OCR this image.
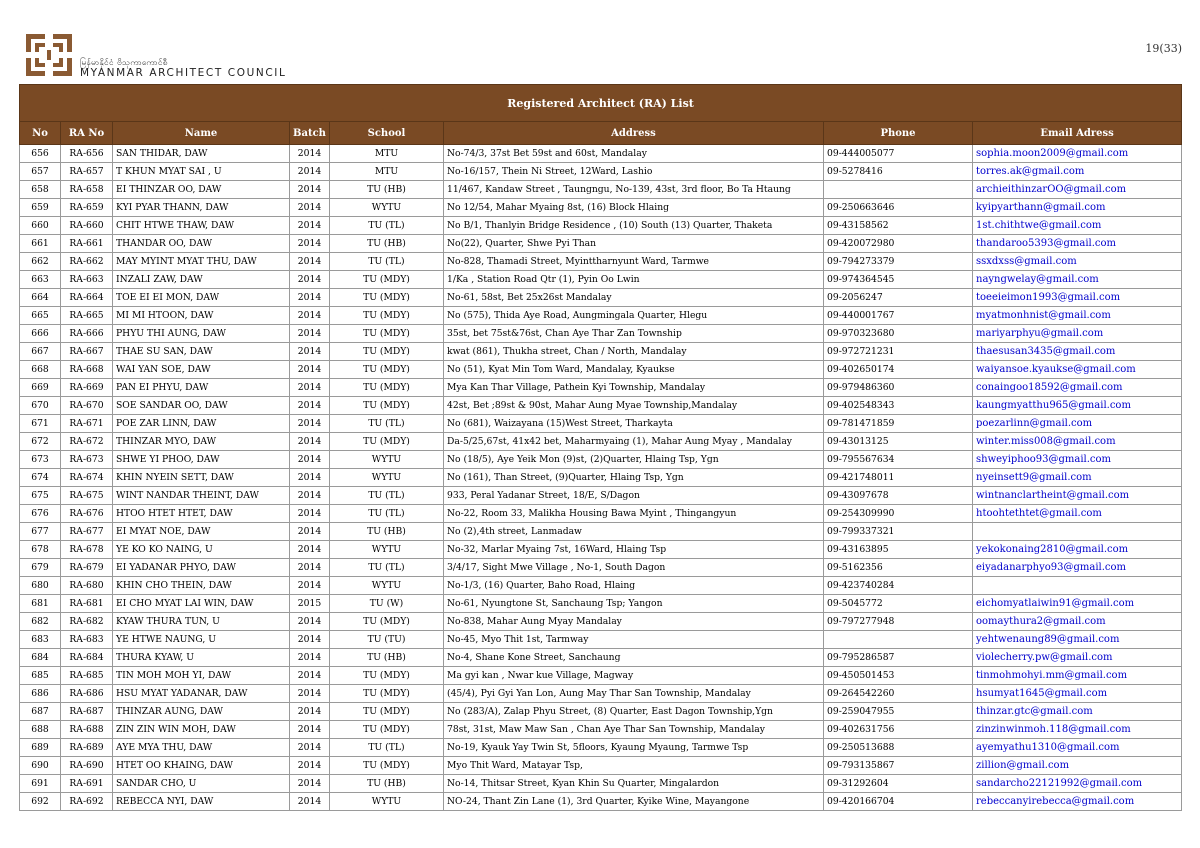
မြန်မာနိုင်ငံ ဗိသုကာကောင်စီ
MYANMAR ARCHITECT COUNCIL
19(33)
Registered Architect (RA) List							
No	RA No	Name	Batch	School	Address	Phone	Email Adress
656	RA-656	SAN THIDAR, DAW	2014	MTU	No-74/3, 37st Bet 59st and 60st, Mandalay	09-444005077	sophia.moon2009@gmail.com
657	RA-657	T KHUN MYAT SAI , U	2014	MTU	No-16/157, Thein Ni Street, 12Ward, Lashio	09-5278416	torres.ak@gmail.com
658	RA-658	EI THINZAR OO, DAW	2014	TU (HB)	11/467, Kandaw Street , Taungngu, No-139, 43st, 3rd floor, Bo Ta Htaung		archieithinzarOO@gmail.com
659	RA-659	KYI PYAR THANN, DAW	2014	WYTU	No 12/54, Mahar Myaing 8st, (16) Block Hlaing	09-250663646	kyipyarthann@gmail.com
660	RA-660	CHIT HTWE THAW, DAW	2014	TU (TL)	No B/1, Thanlyin Bridge Residence , (10) South (13) Quarter, Thaketa	09-43158562	1st.chithtwe@gmail.com
661	RA-661	THANDAR OO, DAW	2014	TU (HB)	No(22), Quarter, Shwe Pyi Than	09-420072980	thandaroo5393@gmail.com
662	RA-662	MAY MYINT MYAT THU, DAW	2014	TU (TL)	No-828, Thamadi Street, Myinttharnyunt Ward, Tarmwe	09-794273379	ssxdxss@gmail.com
663	RA-663	INZALI ZAW, DAW	2014	TU (MDY)	1/Ka , Station Road Qtr (1), Pyin Oo Lwin	09-974364545	nayngwelay@gmail.com
664	RA-664	TOE EI EI MON, DAW	2014	TU (MDY)	No-61, 58st, Bet 25x26st Mandalay	09-2056247	toeeieimon1993@gmail.com
665	RA-665	MI MI HTOON, DAW	2014	TU (MDY)	No (575), Thida Aye Road, Aungmingala Quarter, Hlegu	09-440001767	myatmonhnist@gmail.com
666	RA-666	PHYU THI AUNG, DAW	2014	TU (MDY)	35st, bet 75st&76st, Chan Aye Thar Zan Township	09-970323680	mariyarphyu@gmail.com
667	RA-667	THAE SU SAN, DAW	2014	TU (MDY)	kwat (861), Thukha street, Chan / North, Mandalay	09-972721231	thaesusan3435@gmail.com
668	RA-668	WAI YAN SOE, DAW	2014	TU (MDY)	No (51), Kyat Min Tom Ward, Mandalay, Kyaukse	09-402650174	waiyansoe.kyaukse@gmail.com
669	RA-669	PAN EI PHYU, DAW	2014	TU (MDY)	Mya Kan Thar Village, Pathein Kyi Township, Mandalay	09-979486360	conaingoo18592@gmail.com
670	RA-670	SOE SANDAR OO, DAW	2014	TU (MDY)	42st, Bet ;89st & 90st, Mahar Aung Myae Township,Mandalay	09-402548343	kaungmyatthu965@gmail.com
671	RA-671	POE ZAR LINN, DAW	2014	TU (TL)	No (681), Waizayana (15)West Street, Tharkayta	09-781471859	poezarlinn@gmail.com
672	RA-672	THINZAR MYO, DAW	2014	TU (MDY)	Da-5/25,67st, 41x42 bet, Maharmyaing (1), Mahar Aung Myay , Mandalay	09-43013125	winter.miss008@gmail.com
673	RA-673	SHWE YI PHOO, DAW	2014	WYTU	No (18/5), Aye Yeik Mon (9)st, (2)Quarter, Hlaing Tsp, Ygn	09-795567634	shweyiphoo93@gmail.com
674	RA-674	KHIN NYEIN SETT, DAW	2014	WYTU	No (161), Than Street, (9)Quarter, Hlaing Tsp, Ygn	09-421748011	nyeinsett9@gmail.com
675	RA-675	WINT NANDAR THEINT, DAW	2014	TU (TL)	933, Peral Yadanar Street, 18/E, S/Dagon	09-43097678	wintnanclartheint@gmail.com
676	RA-676	HTOO HTET HTET, DAW	2014	TU (TL)	No-22, Room 33, Malikha Housing Bawa Myint , Thingangyun	09-254309990	htoohtethtet@gmail.com
677	RA-677	EI MYAT NOE, DAW	2014	TU (HB)	No (2),4th street, Lanmadaw	09-799337321	
678	RA-678	YE KO KO NAING, U	2014	WYTU	No-32, Marlar Myaing 7st, 16Ward, Hlaing Tsp	09-43163895	yekokonaing2810@gmail.com
679	RA-679	EI YADANAR PHYO, DAW	2014	TU (TL)	3/4/17, Sight Mwe Village , No-1, South Dagon	09-5162356	eiyadanarphyo93@gmail.com
680	RA-680	KHIN CHO THEIN, DAW	2014	WYTU	No-1/3, (16) Quarter, Baho Road, Hlaing	09-423740284	
681	RA-681	EI CHO MYAT LAI WIN, DAW	2015	TU (W)	No-61, Nyungtone St, Sanchaung Tsp; Yangon	09-5045772	eichomyatlaiwin91@gmail.com
682	RA-682	KYAW THURA TUN, U	2014	TU (MDY)	No-838, Mahar Aung Myay Mandalay	09-797277948	oomaythura2@gmail.com
683	RA-683	YE HTWE NAUNG, U	2014	TU (TU)	No-45, Myo Thit 1st, Tarmway		yehtwenaung89@gmail.com
684	RA-684	THURA KYAW, U	2014	TU (HB)	No-4, Shane Kone Street, Sanchaung	09-795286587	violecherry.pw@gmail.com
685	RA-685	TIN MOH MOH YI, DAW	2014	TU (MDY)	Ma gyi kan , Nwar kue Village, Magway	09-450501453	tinmohmohyi.mm@gmail.com
686	RA-686	HSU MYAT YADANAR, DAW	2014	TU (MDY)	(45/4), Pyi Gyi Yan Lon, Aung May Thar San Township, Mandalay	09-264542260	hsumyat1645@gmail.com
687	RA-687	THINZAR AUNG, DAW	2014	TU (MDY)	No (283/A), Zalap Phyu Street, (8) Quarter, East Dagon Township,Ygn	09-259047955	thinzar.gtc@gmail.com
688	RA-688	ZIN ZIN WIN MOH, DAW	2014	TU (MDY)	78st, 31st, Maw Maw San , Chan Aye Thar San Township, Mandalay	09-402631756	zinzinwinmoh.118@gmail.com
689	RA-689	AYE MYA THU, DAW	2014	TU (TL)	No-19, Kyauk Yay Twin St, 5floors, Kyaung Myaung, Tarmwe Tsp	09-250513688	ayemyathu1310@gmail.com
690	RA-690	HTET OO KHAING, DAW	2014	TU (MDY)	Myo Thit Ward, Matayar Tsp,	09-793135867	zillion@gmail.com
691	RA-691	SANDAR CHO, U	2014	TU (HB)	No-14, Thitsar Street, Kyan Khin Su Quarter, Mingalardon	09-31292604	sandarcho22121992@gmail.com
692	RA-692	REBECCA NYI, DAW	2014	WYTU	NO-24, Thant Zin Lane (1), 3rd Quarter, Kyike Wine, Mayangone	09-420166704	rebeccanyirebecca@gmail.com
